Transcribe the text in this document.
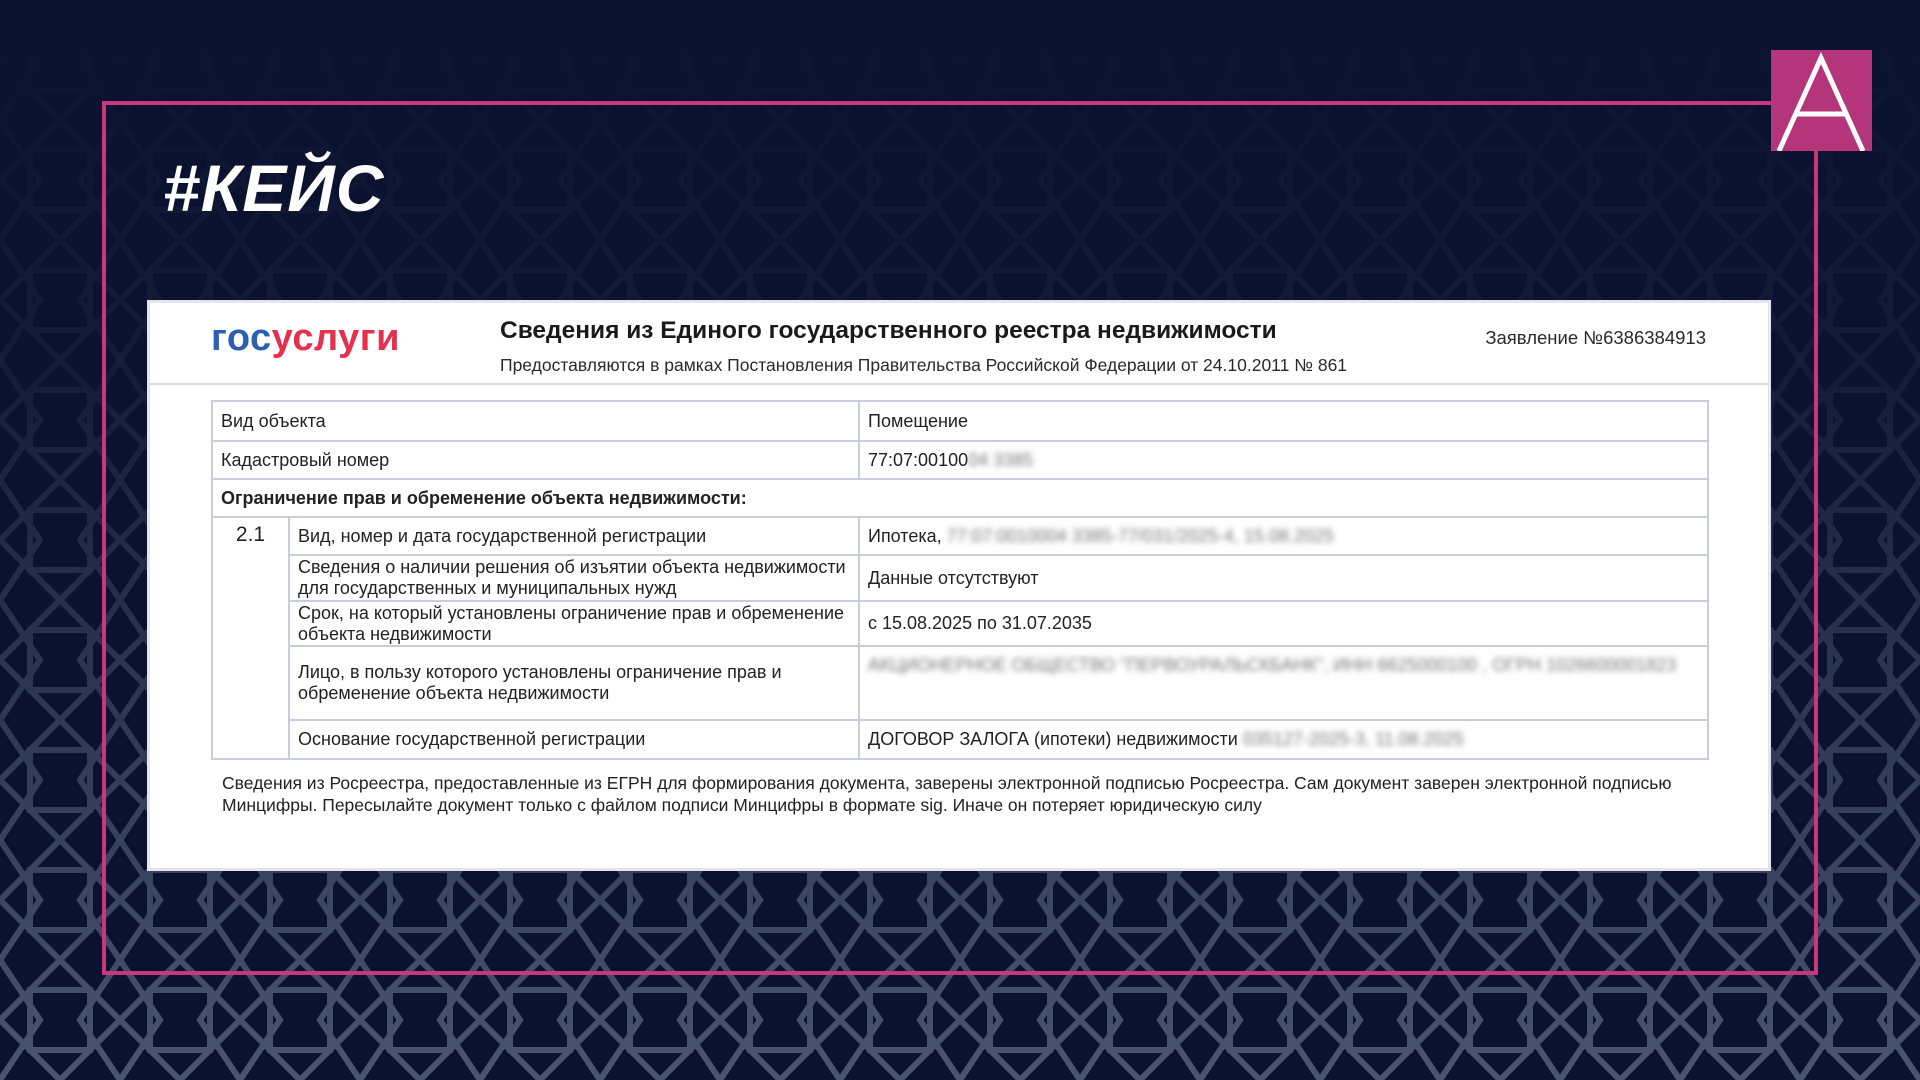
#КЕЙС
госуслуги	Сведения из Единого государственного реестра недвижимости
Предоставляются в рамках Постановления Правительства Российской Федерации от 24.10.2011 № 861
Заявление №6386384913
Вид объекта		Помещение
Кадастровый номер		77:07:0010004 3385
Ограничение прав и обременение объекта недвижимости:		
2.1	Вид, номер и дата государственной регистрации	Ипотека, 77:07:0010004 3385-77/031/2025-4, 15.08.2025
	Сведения о наличии решения об изъятии объекта недвижимости для государственных и муниципальных нужд	Данные отсутствуют
	Срок, на который установлены ограничение прав и обременение объекта недвижимости	с 15.08.2025 по 31.07.2035
	Лицо, в пользу которого установлены ограничение прав и обременение объекта недвижимости	АКЦИОНЕРНОЕ ОБЩЕСТВО "ПЕРВОУРАЛЬСКБАНК", ИНН 6625000100 , ОГРН 1026600001823
	Основание государственной регистрации	ДОГОВОР ЗАЛОГА (ипотеки) недвижимости 035127-2025-3, 11.08.2025
Сведения из Росреестра, предоставленные из ЕГРН для формирования документа, заверены электронной подписью Росреестра. Сам документ заверен электронной подписью Минцифры. Пересылайте документ только с файлом подписи Минцифры в формате sig. Иначе он потеряет юридическую силу
